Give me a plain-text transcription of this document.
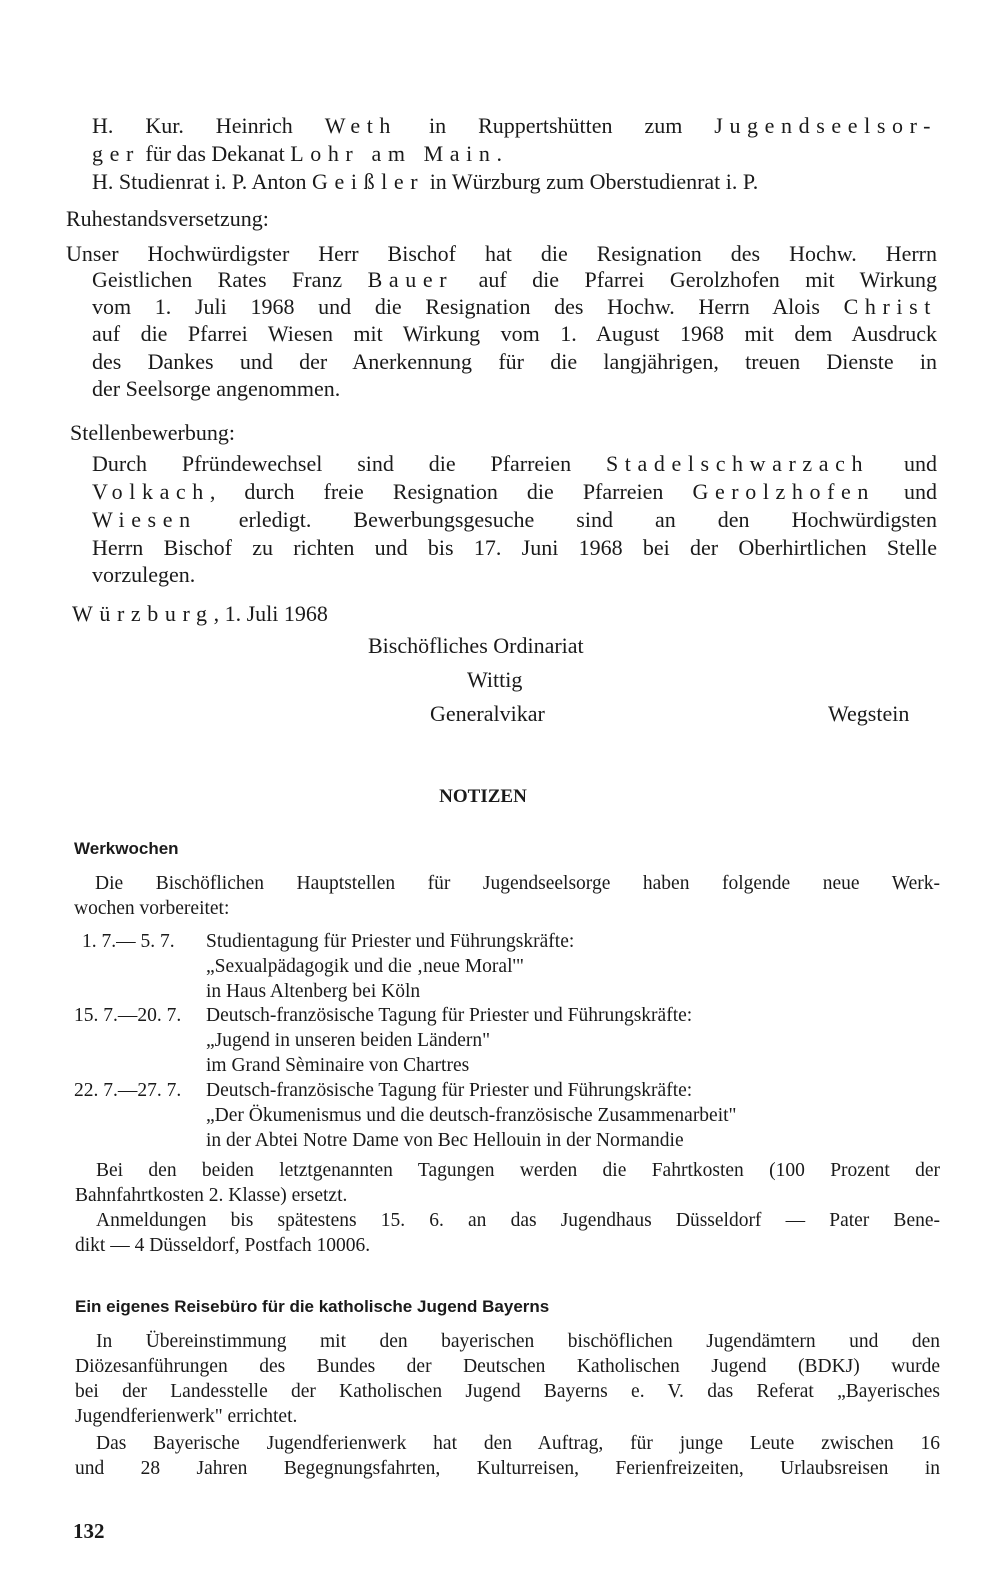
H. Kur. Heinrich Weth in Ruppertshütten zum Jugendseelsor-
ger für das Dekanat Lohr am Main.
H. Studienrat i. P. Anton Geißler in Würzburg zum Oberstudienrat i. P.
Ruhestandsversetzung:
Unser Hochwürdigster Herr Bischof hat die Resignation des Hochw. Herrn
Geistlichen Rates Franz Bauer auf die Pfarrei Gerolzhofen mit Wirkung
vom 1. Juli 1968 und die Resignation des Hochw. Herrn Alois Christ
auf die Pfarrei Wiesen mit Wirkung vom 1. August 1968 mit dem Ausdruck
des Dankes und der Anerkennung für die langjährigen, treuen Dienste in
der Seelsorge angenommen.
Stellenbewerbung:
Durch Pfründewechsel sind die Pfarreien Stadelschwarzach und
Volkach, durch freie Resignation die Pfarreien Gerolzhofen und
Wiesen erledigt. Bewerbungsgesuche sind an den Hochwürdigsten
Herrn Bischof zu richten und bis 17. Juni 1968 bei der Oberhirtlichen Stelle
vorzulegen.
Würzburg, 1. Juli 1968
Bischöfliches Ordinariat
Wittig
Generalvikar	Wegstein
NOTIZEN
Werkwochen
Die Bischöflichen Hauptstellen für Jugendseelsorge haben folgende neue Werk-
wochen vorbereitet:
1. 7.— 5. 7. Studientagung für Priester und Führungskräfte:
„Sexualpädagogik und die ‚neue Moral'"
in Haus Altenberg bei Köln
15. 7.—20. 7. Deutsch-französische Tagung für Priester und Führungskräfte:
„Jugend in unseren beiden Ländern"
im Grand Sèminaire von Chartres
22. 7.—27. 7. Deutsch-französische Tagung für Priester und Führungskräfte:
„Der Ökumenismus und die deutsch-französische Zusammenarbeit"
in der Abtei Notre Dame von Bec Hellouin in der Normandie
Bei den beiden letztgenannten Tagungen werden die Fahrtkosten (100 Prozent der
Bahnfahrtkosten 2. Klasse) ersetzt.
Anmeldungen bis spätestens 15. 6. an das Jugendhaus Düsseldorf — Pater Bene-
dikt — 4 Düsseldorf, Postfach 10006.
Ein eigenes Reisebüro für die katholische Jugend Bayerns
In Übereinstimmung mit den bayerischen bischöflichen Jugendämtern und den
Diözesanführungen des Bundes der Deutschen Katholischen Jugend (BDKJ) wurde
bei der Landesstelle der Katholischen Jugend Bayerns e. V. das Referat „Bayerisches
Jugendferienwerk" errichtet.
Das Bayerische Jugendferienwerk hat den Auftrag, für junge Leute zwischen 16
und 28 Jahren Begegnungsfahrten, Kulturreisen, Ferienfreizeiten, Urlaubsreisen in
132
